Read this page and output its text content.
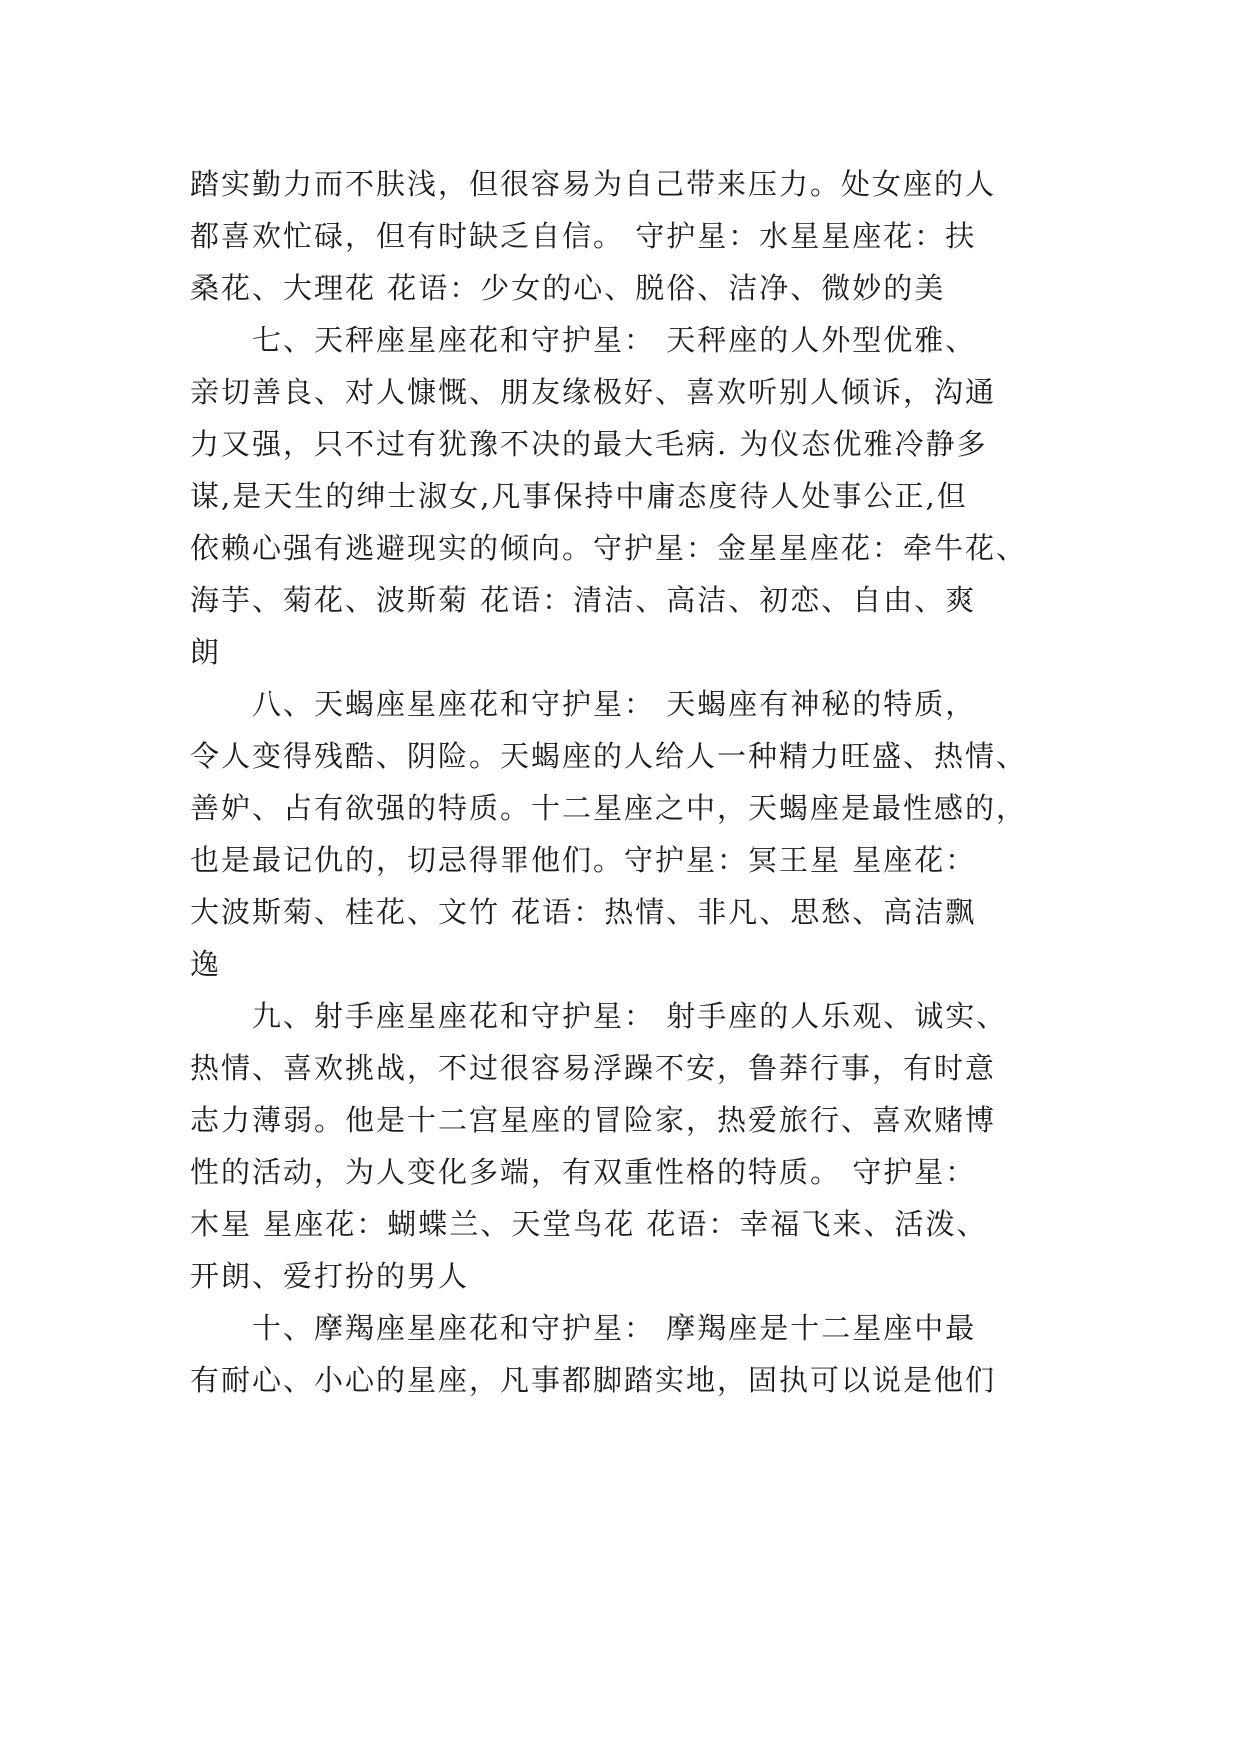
踏实勤力而不肤浅，但很容易为自己带来压力。处女座的人
都喜欢忙碌，但有时缺乏自信。 守护星：水星星座花：扶
桑花、大理花 花语：少女的心、脱俗、洁净、微妙的美

七、天秤座星座花和守护星： 天秤座的人外型优雅、
亲切善良、对人慷慨、朋友缘极好、喜欢听别人倾诉，沟通
力又强，只不过有犹豫不决的最大毛病. 为仪态优雅冷静多
谋,是天生的绅士淑女,凡事保持中庸态度待人处事公正,但
依赖心强有逃避现实的倾向。守护星：金星星座花：牵牛花、
海芋、菊花、波斯菊 花语：清洁、高洁、初恋、自由、爽
朗

八、天蝎座星座花和守护星： 天蝎座有神秘的特质，
令人变得残酷、阴险。天蝎座的人给人一种精力旺盛、热情、
善妒、占有欲强的特质。十二星座之中，天蝎座是最性感的，
也是最记仇的，切忌得罪他们。守护星：冥王星 星座花：
大波斯菊、桂花、文竹 花语：热情、非凡、思愁、高洁飘
逸

九、射手座星座花和守护星： 射手座的人乐观、诚实、
热情、喜欢挑战，不过很容易浮躁不安，鲁莽行事，有时意
志力薄弱。他是十二宫星座的冒险家，热爱旅行、喜欢赌博
性的活动，为人变化多端，有双重性格的特质。 守护星：
木星 星座花：蝴蝶兰、天堂鸟花 花语：幸福飞来、活泼、
开朗、爱打扮的男人

十、摩羯座星座花和守护星： 摩羯座是十二星座中最
有耐心、小心的星座，凡事都脚踏实地，固执可以说是他们
